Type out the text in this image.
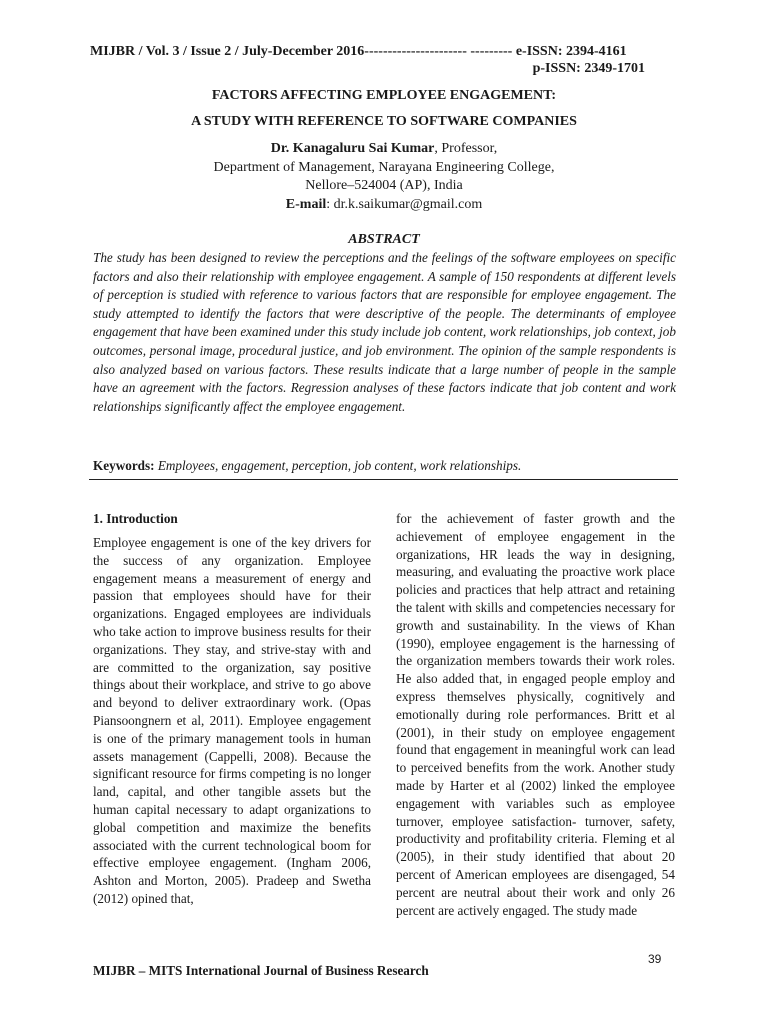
MIJBR / Vol. 3 / Issue 2 / July-December 2016---------------------- --------- e-ISSN: 2394-4161
p-ISSN: 2349-1701
FACTORS AFFECTING EMPLOYEE ENGAGEMENT:
A STUDY WITH REFERENCE TO SOFTWARE COMPANIES
Dr. Kanagaluru Sai Kumar, Professor,
Department of Management, Narayana Engineering College,
Nellore–524004 (AP), India
E-mail: dr.k.saikumar@gmail.com
ABSTRACT
The study has been designed to review the perceptions and the feelings of the software employees on specific factors and also their relationship with employee engagement. A sample of 150 respondents at different levels of perception is studied with reference to various factors that are responsible for employee engagement. The study attempted to identify the factors that were descriptive of the people. The determinants of employee engagement that have been examined under this study include job content, work relationships, job context, job outcomes, personal image, procedural justice, and job environment. The opinion of the sample respondents is also analyzed based on various factors. These results indicate that a large number of people in the sample have an agreement with the factors. Regression analyses of these factors indicate that job content and work relationships significantly affect the employee engagement.
Keywords: Employees, engagement, perception, job content, work relationships.
1. Introduction

Employee engagement is one of the key drivers for the success of any organization. Employee engagement means a measurement of energy and passion that employees should have for their organizations. Engaged employees are individuals who take action to improve business results for their organizations. They stay, and strive-stay with and are committed to the organization, say positive things about their workplace, and strive to go above and beyond to deliver extraordinary work. (Opas Piansoongnern et al, 2011). Employee engagement is one of the primary management tools in human assets management (Cappelli, 2008). Because the significant resource for firms competing is no longer land, capital, and other tangible assets but the human capital necessary to adapt organizations to global competition and maximize the benefits associated with the current technological boom for effective employee engagement. (Ingham 2006, Ashton and Morton, 2005). Pradeep and Swetha (2012) opined that,

for the achievement of faster growth and the achievement of employee engagement in the organizations, HR leads the way in designing, measuring, and evaluating the proactive work place policies and practices that help attract and retaining the talent with skills and competencies necessary for growth and sustainability. In the views of Khan (1990), employee engagement is the harnessing of the organization members towards their work roles. He also added that, in engaged people employ and express themselves physically, cognitively and emotionally during role performances. Britt et al (2001), in their study on employee engagement found that engagement in meaningful work can lead to perceived benefits from the work. Another study made by Harter et al (2002) linked the employee engagement with variables such as employee turnover, employee satisfaction- turnover, safety, productivity and profitability criteria. Fleming et al (2005), in their study identified that about 20 percent of American employees are disengaged, 54 percent are neutral about their work and only 26 percent are actively engaged. The study made

39
MIJBR – MITS International Journal of Business Research
